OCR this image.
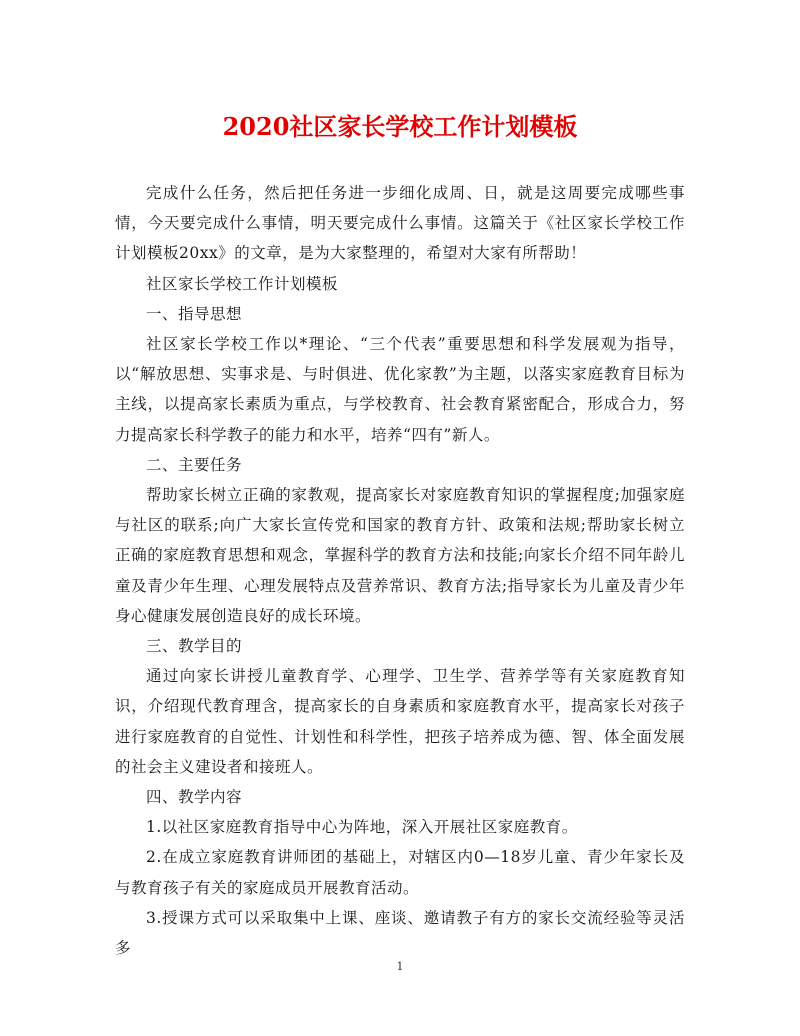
2020社区家长学校工作计划模板

完成什么任务，然后把任务进一步细化成周、日，就是这周要完成哪些事情，今天要完成什么事情，明天要完成什么事情。这篇关于《社区家长学校工作计划模板20xx》的文章，是为大家整理的，希望对大家有所帮助！

社区家长学校工作计划模板

一、指导思想

社区家长学校工作以*理论、“三个代表”重要思想和科学发展观为指导，以“解放思想、实事求是、与时俱进、优化家教”为主题，以落实家庭教育目标为主线，以提高家长素质为重点，与学校教育、社会教育紧密配合，形成合力，努力提高家长科学教子的能力和水平，培养“四有”新人。

二、主要任务

帮助家长树立正确的家教观，提高家长对家庭教育知识的掌握程度;加强家庭与社区的联系;向广大家长宣传党和国家的教育方针、政策和法规;帮助家长树立正确的家庭教育思想和观念，掌握科学的教育方法和技能;向家长介绍不同年龄儿童及青少年生理、心理发展特点及营养常识、教育方法;指导家长为儿童及青少年身心健康发展创造良好的成长环境。

三、教学目的

通过向家长讲授儿童教育学、心理学、卫生学、营养学等有关家庭教育知识，介绍现代教育理含，提高家长的自身素质和家庭教育水平，提高家长对孩子进行家庭教育的自觉性、计划性和科学性，把孩子培养成为德、智、体全面发展的社会主义建设者和接班人。

四、教学内容

1.以社区家庭教育指导中心为阵地，深入开展社区家庭教育。

2.在成立家庭教育讲师团的基础上，对辖区内0—18岁儿童、青少年家长及与教育孩子有关的家庭成员开展教育活动。

3.授课方式可以采取集中上课、座谈、邀请教子有方的家长交流经验等灵活多

1
